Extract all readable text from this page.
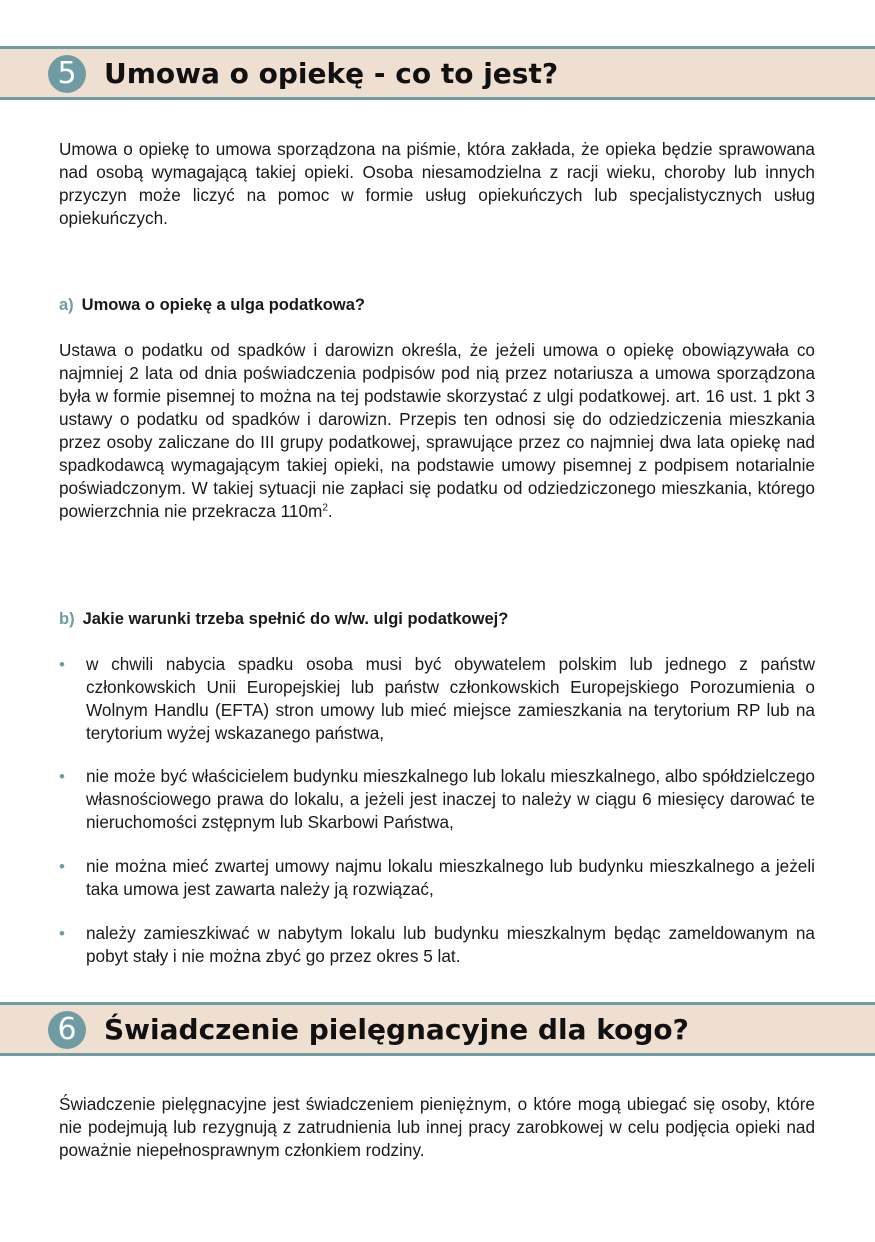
5 Umowa o opiekę - co to jest?

Umowa o opiekę to umowa sporządzona na piśmie, która zakłada, że opieka będzie sprawowana nad osobą wymagającą takiej opieki. Osoba niesamodzielna z racji wieku, choroby lub innych przyczyn może liczyć na pomoc w formie usług opiekuńczych lub specjalistycznych usług opiekuńczych.

a) Umowa o opiekę a ulga podatkowa?

Ustawa o podatku od spadków i darowizn określa, że jeżeli umowa o opiekę obowiązywała co najmniej 2 lata od dnia poświadczenia podpisów pod nią przez notariusza a umowa sporządzona była w formie pisemnej to można na tej podstawie skorzystać z ulgi podatkowej. art. 16 ust. 1 pkt 3 ustawy o podatku od spadków i darowizn. Przepis ten odnosi się do odziedziczenia mieszkania przez osoby zaliczane do III grupy podatkowej, sprawujące przez co najmniej dwa lata opiekę nad spadkodawcą wymagającym takiej opieki, na podstawie umowy pisemnej z podpisem notarialnie poświadczonym. W takiej sytuacji nie zapłaci się podatku od odziedziczonego mieszkania, którego powierzchnia nie przekracza $110m^2$.

b) Jakie warunki trzeba spełnić do w/w. ulgi podatkowej?
• w chwili nabycia spadku osoba musi być obywatelem polskim lub jednego z państw członkowskich Unii Europejskiej lub państw członkowskich Europejskiego Porozumienia o Wolnym Handlu (EFTA) stron umowy lub mieć miejsce zamieszkania na terytorium RP lub na terytorium wyżej wskazanego państwa,
• nie może być właścicielem budynku mieszkalnego lub lokalu mieszkalnego, albo spółdzielczego własnościowego prawa do lokalu, a jeżeli jest inaczej to należy w ciągu 6 miesięcy darować te nieruchomości zstępnym lub Skarbowi Państwa,
• nie można mieć zwartej umowy najmu lokalu mieszkalnego lub budynku mieszkalnego a jeżeli taka umowa jest zawarta należy ją rozwiązać,
• należy zamieszkiwać w nabytym lokalu lub budynku mieszkalnym będąc zameldowanym na pobyt stały i nie można zbyć go przez okres 5 lat.
6 Świadczenie pielęgnacyjne dla kogo?

Świadczenie pielęgnacyjne jest świadczeniem pieniężnym, o które mogą ubiegać się osoby, które nie podejmują lub rezygnują z zatrudnienia lub innej pracy zarobkowej w celu podjęcia opieki nad poważnie niepełnosprawnym członkiem rodziny.
